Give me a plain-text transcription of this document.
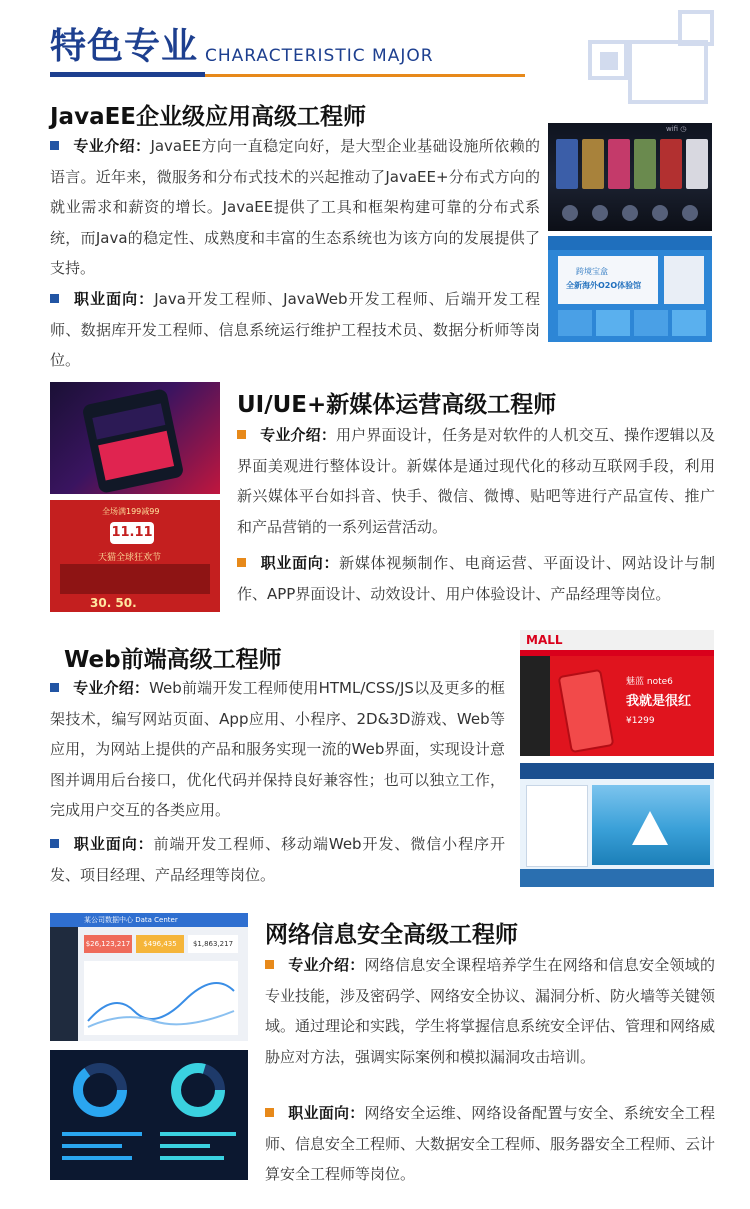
特色专业 CHARACTERISTIC MAJOR
JavaEE企业级应用高级工程师
专业介绍：JavaEE方向一直稳定向好，是大型企业基础设施所依赖的语言。近年来，微服务和分布式技术的兴起推动了JavaEE+分布式方向的就业需求和薪资的增长。JavaEE提供了工具和框架构建可靠的分布式系统，而Java的稳定性、成熟度和丰富的生态系统也为该方向的发展提供了支持。
职业面向：Java开发工程师、JavaWeb开发工程师、后端开发工程师、数据库开发工程师、信息系统运行维护工程技术员、数据分析师等岗位。
wifi ◷
跨境宝盒
全新海外O2O体验馆
全场满199减99
11.11
天猫全球狂欢节
30. 50.
UI/UE+新媒体运营高级工程师
专业介绍：用户界面设计，任务是对软件的人机交互、操作逻辑以及界面美观进行整体设计。新媒体是通过现代化的移动互联网手段，利用新兴媒体平台如抖音、快手、微信、微博、贴吧等进行产品宣传、推广和产品营销的一系列运营活动。
职业面向：新媒体视频制作、电商运营、平面设计、网站设计与制作、APP界面设计、动效设计、用户体验设计、产品经理等岗位。
Web前端高级工程师
专业介绍：Web前端开发工程师使用HTML/CSS/JS以及更多的框架技术，编写网站页面、App应用、小程序、2D&3D游戏、Web等应用，为网站上提供的产品和服务实现一流的Web界面，实现设计意图并调用后台接口，优化代码并保持良好兼容性；也可以独立工作，完成用户交互的各类应用。
职业面向：前端开发工程师、移动端Web开发、微信小程序开发、项目经理、产品经理等岗位。
MALL
魅蓝 note6
我就是很红
¥1299
某公司数据中心 Data Center
$26,123,217	$496,435	$1,863,217 网络信息安全高级工程师
专业介绍：网络信息安全课程培养学生在网络和信息安全领域的专业技能，涉及密码学、网络安全协议、漏洞分析、防火墙等关键领域。通过理论和实践，学生将掌握信息系统安全评估、管理和网络威胁应对方法，强调实际案例和模拟漏洞攻击培训。
职业面向：网络安全运维、网络设备配置与安全、系统安全工程师、信息安全工程师、大数据安全工程师、服务器安全工程师、云计算安全工程师等岗位。
